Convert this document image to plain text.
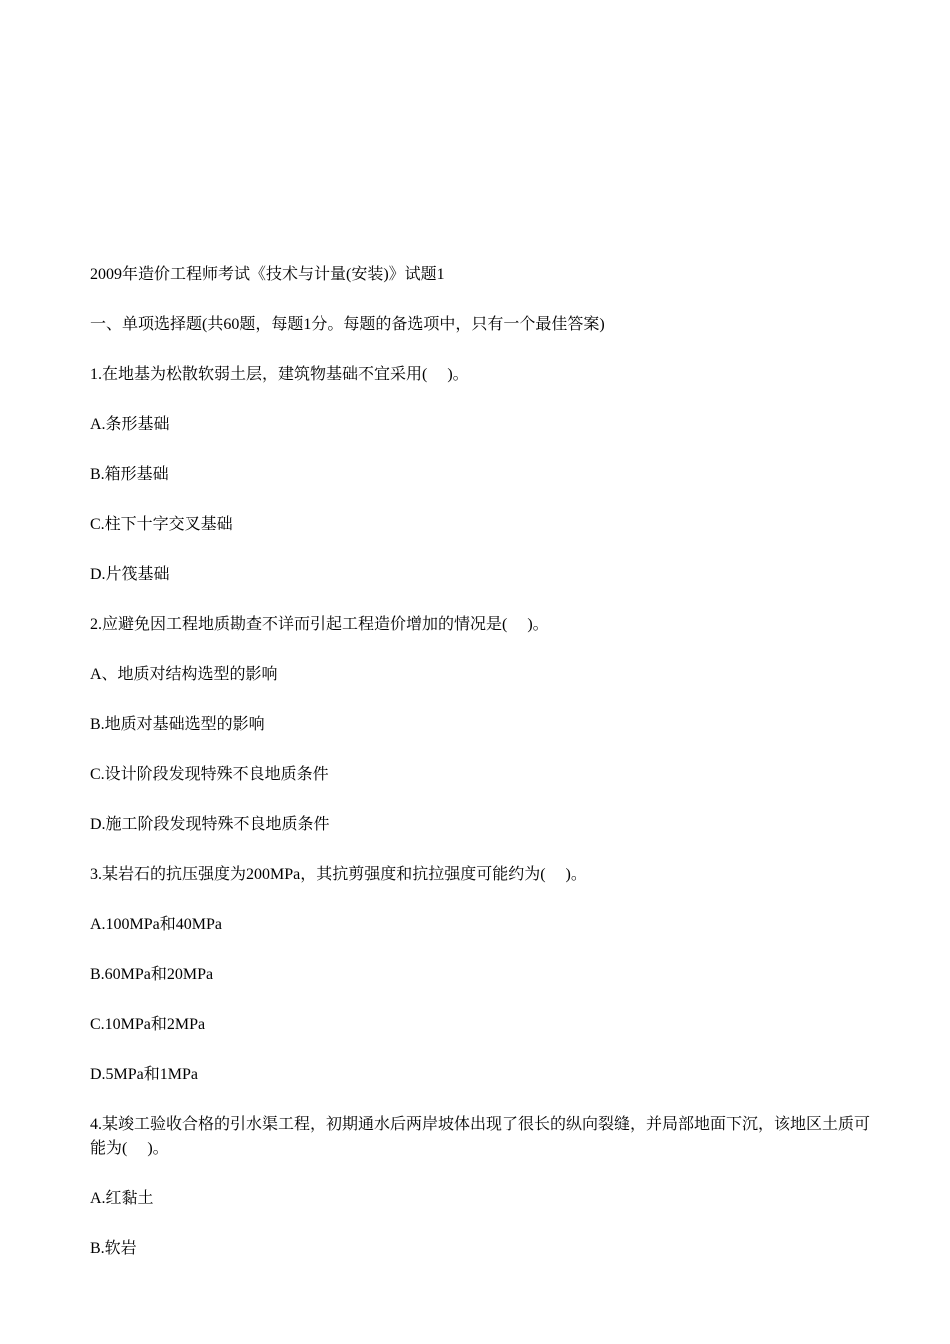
2009年造价工程师考试《技术与计量(安装)》试题1

一、单项选择题(共60题，每题1分。每题的备选项中，只有一个最佳答案)

1.在地基为松散软弱土层，建筑物基础不宜采用(　 )。

A.条形基础

B.箱形基础

C.柱下十字交叉基础

D.片筏基础

2.应避免因工程地质勘查不详而引起工程造价增加的情况是(　 )。

A、地质对结构选型的影响

B.地质对基础选型的影响

C.设计阶段发现特殊不良地质条件

D.施工阶段发现特殊不良地质条件

3.某岩石的抗压强度为200MPa，其抗剪强度和抗拉强度可能约为(　 )。

A.100MPa和40MPa

B.60MPa和20MPa

C.10MPa和2MPa

D.5MPa和1MPa

4.某竣工验收合格的引水渠工程，初期通水后两岸坡体出现了很长的纵向裂缝，并局部地面下沉，该地区土质可能为(　 )。

A.红黏土

B.软岩
